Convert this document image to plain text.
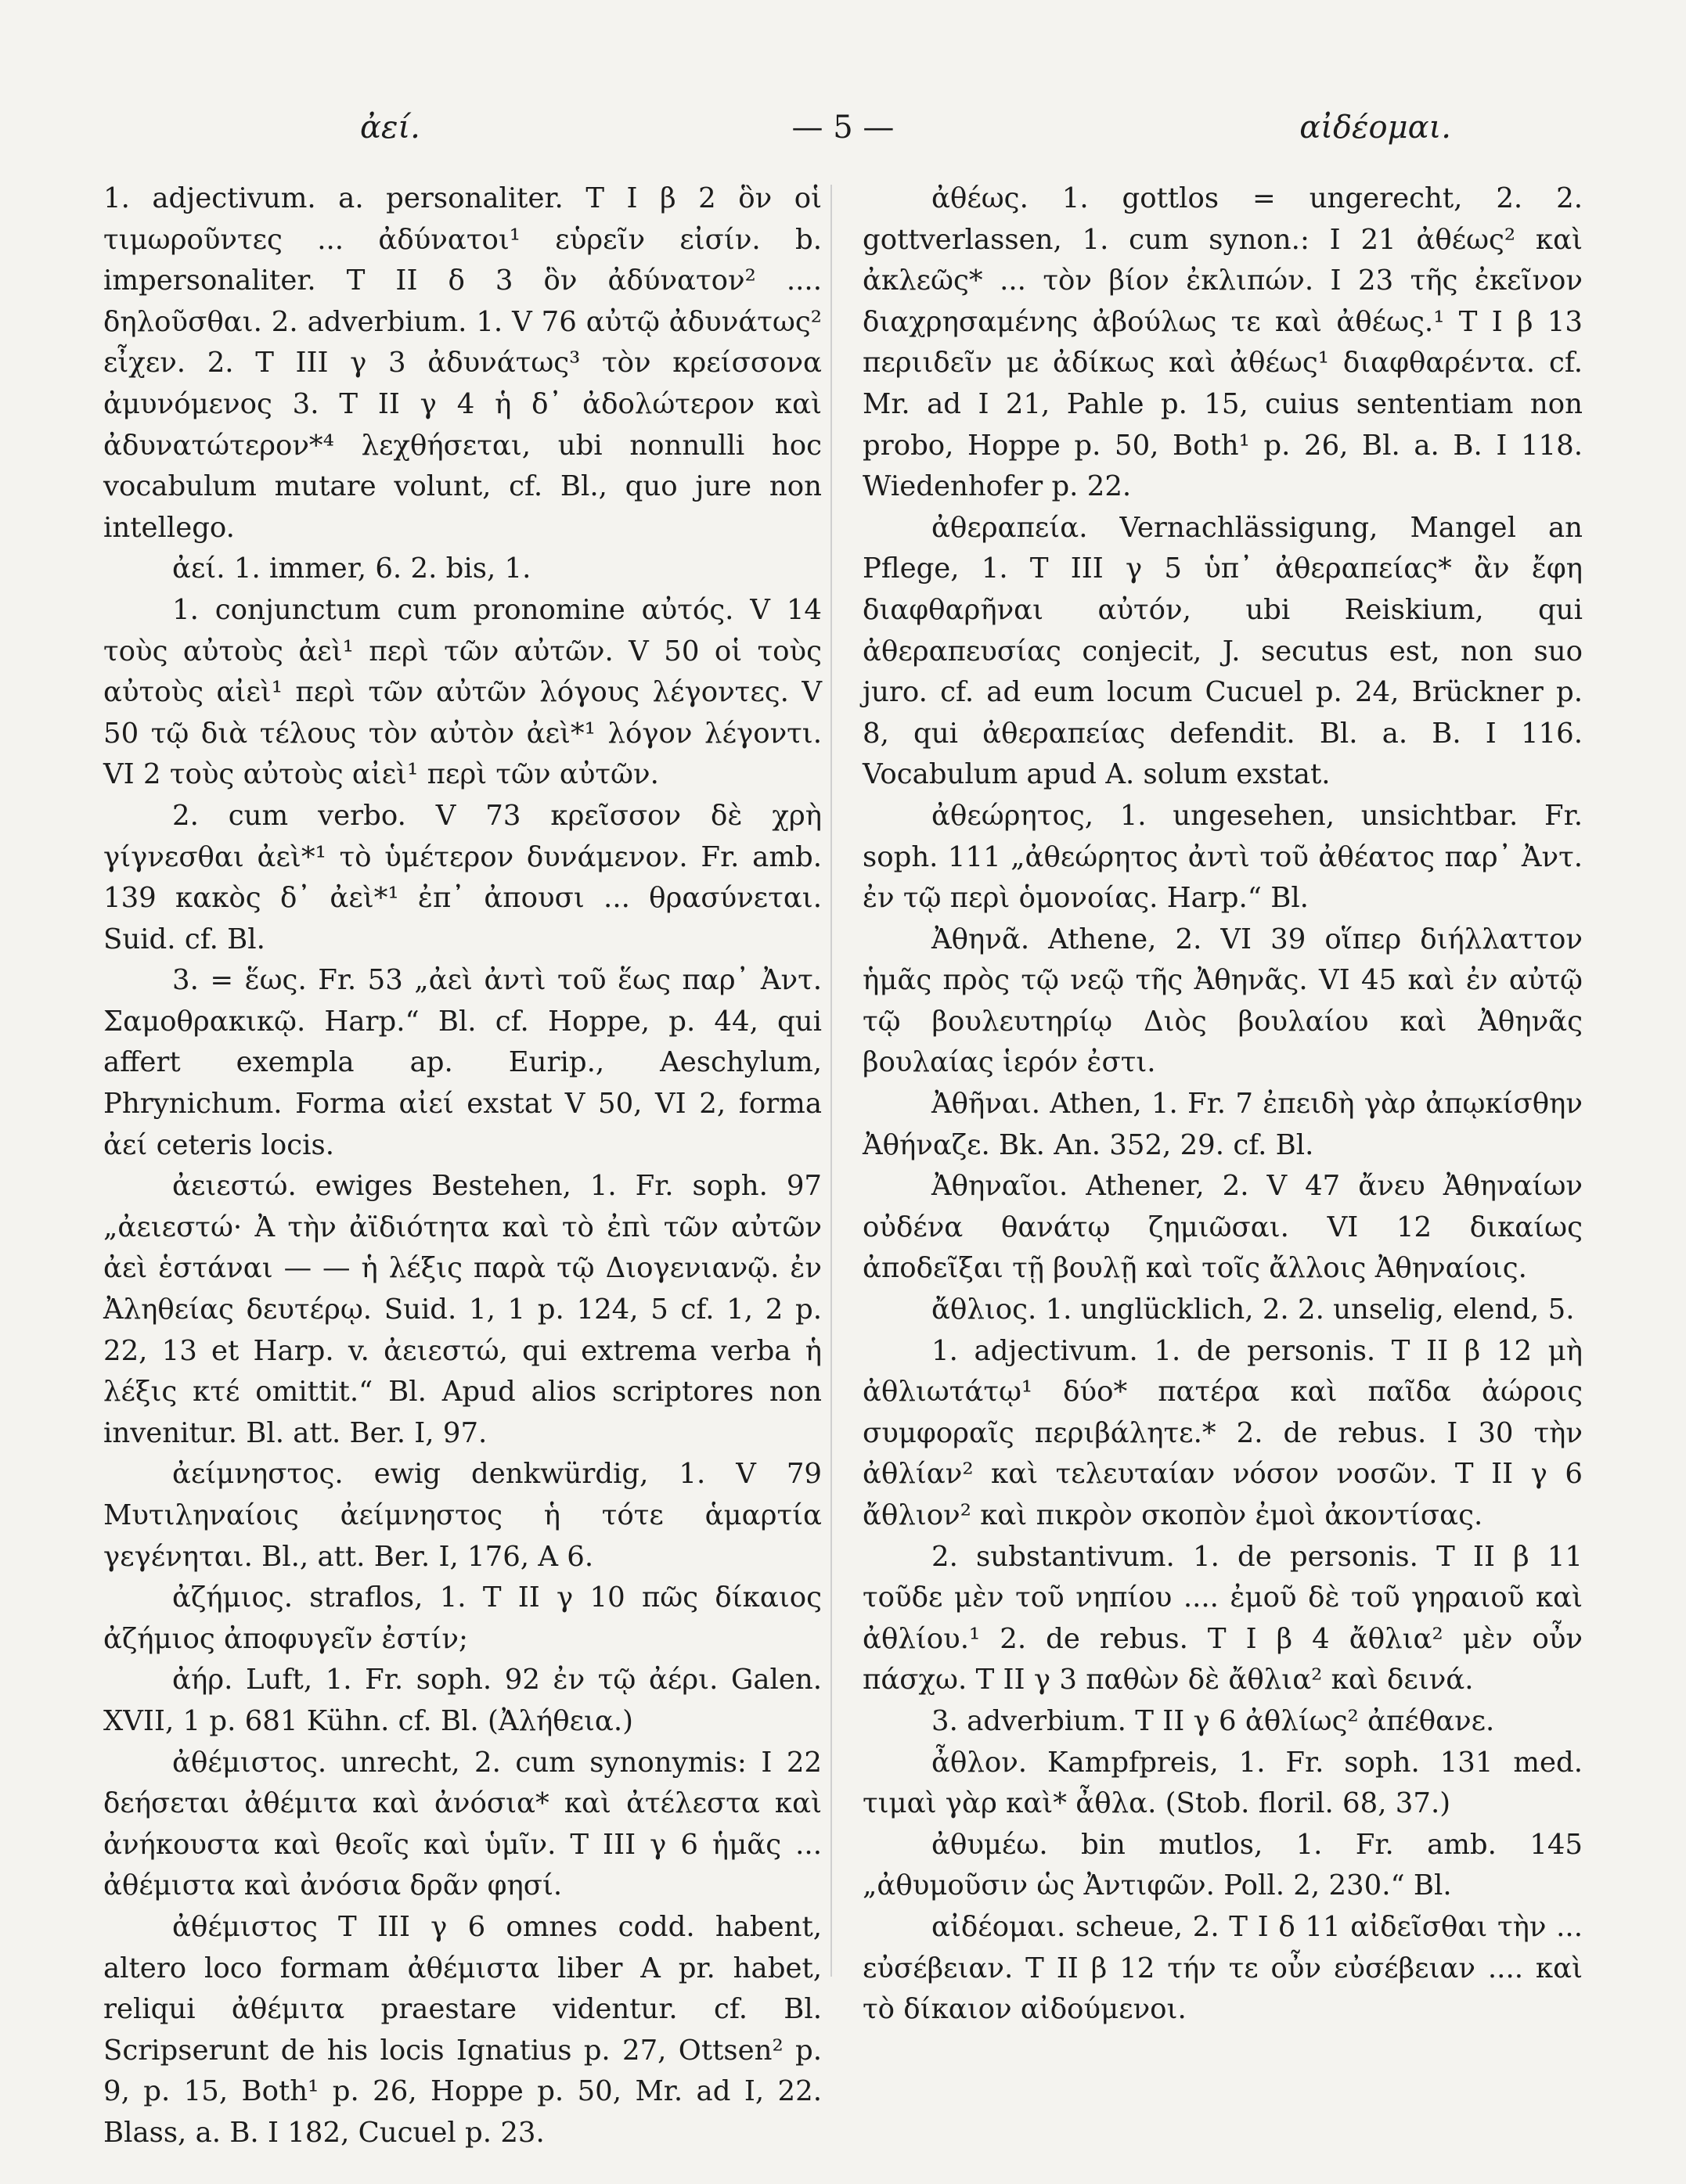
ἀεί.	— 5 —	αἰδέομαι.

1. adjectivum. a. personaliter. T I β 2 ὃν οἱ τιμωροῦντες ... ἀδύνατοι¹ εὑρεῖν εἰσίν. b. impersonaliter. T II δ 3 ὃν ἀδύνατον² .... δηλοῦσθαι. 2. adverbium. 1. V 76 αὐτῷ ἀδυνάτως² εἶχεν. 2. T III γ 3 ἀδυνάτως³ τὸν κρείσσονα ἀμυνόμενος 3. T II γ 4 ἡ δ᾽ ἀδολώτερον καὶ ἀδυνατώτερον*⁴ λεχθήσεται, ubi nonnulli hoc vocabulum mutare volunt, cf. Bl., quo jure non intellego.

ἀεί. 1. immer, 6. 2. bis, 1.

1. conjunctum cum pronomine αὐτός. V 14 τοὺς αὐτοὺς ἀεὶ¹ περὶ τῶν αὐτῶν. V 50 οἱ τοὺς αὐτοὺς αἰεὶ¹ περὶ τῶν αὐτῶν λόγους λέγοντες. V 50 τῷ διὰ τέλους τὸν αὐτὸν ἀεὶ*¹ λόγον λέγοντι. VI 2 τοὺς αὐτοὺς αἰεὶ¹ περὶ τῶν αὐτῶν.

2. cum verbo. V 73 κρεῖσσον δὲ χρὴ γίγνεσθαι ἀεὶ*¹ τὸ ὑμέτερον δυνάμενον. Fr. amb. 139 κακὸς δ᾽ ἀεὶ*¹ ἐπ᾽ ἀπουσι ... θρασύνεται. Suid. cf. Bl.

3. = ἕως. Fr. 53 „ἀεὶ ἀντὶ τοῦ ἕως παρ᾽ Ἀντ. Σαμοθρακικῷ. Harp.“ Bl. cf. Hoppe, p. 44, qui affert exempla ap. Eurip., Aeschylum, Phrynichum. Forma αἰεί exstat V 50, VI 2, forma ἀεί ceteris locis.

ἀειεστώ. ewiges Bestehen, 1. Fr. soph. 97 „ἀειεστώ· Ἀ τὴν ἀϊδιότητα καὶ τὸ ἐπὶ τῶν αὐτῶν ἀεὶ ἑστάναι — — ἡ λέξις παρὰ τῷ Διογενιανῷ. ἐν Ἀληθείας δευτέρῳ. Suid. 1, 1 p. 124, 5 cf. 1, 2 p. 22, 13 et Harp. v. ἀειεστώ, qui extrema verba ἡ λέξις κτέ omittit.“ Bl. Apud alios scriptores non invenitur. Bl. att. Ber. I, 97.

ἀείμνηστος. ewig denkwürdig, 1. V 79 Μυτιληναίοις ἀείμνηστος ἡ τότε ἁμαρτία γεγένηται. Bl., att. Ber. I, 176, A 6.

ἀζήμιος. straflos, 1. T II γ 10 πῶς δίκαιος ἀζήμιος ἀποφυγεῖν ἐστίν;

ἀήρ. Luft, 1. Fr. soph. 92 ἐν τῷ ἀέρι. Galen. XVII, 1 p. 681 Kühn. cf. Bl. (Ἀλήθεια.)

ἀθέμιστος. unrecht, 2. cum synonymis: I 22 δεήσεται ἀθέμιτα καὶ ἀνόσια* καὶ ἀτέλεστα καὶ ἀνήκουστα καὶ θεοῖς καὶ ὑμῖν. T III γ 6 ἡμᾶς ... ἀθέμιστα καὶ ἀνόσια δρᾶν φησί.

ἀθέμιστος T III γ 6 omnes codd. habent, altero loco formam ἀθέμιστα liber A pr. habet, reliqui ἀθέμιτα praestare videntur. cf. Bl. Scripserunt de his locis Ignatius p. 27, Ottsen² p. 9, p. 15, Both¹ p. 26, Hoppe p. 50, Mr. ad I, 22. Blass, a. B. I 182, Cucuel p. 23.

ἀθέως. 1. gottlos = ungerecht, 2. 2. gottverlassen, 1. cum synon.: I 21 ἀθέως² καὶ ἀκλεῶς* ... τὸν βίον ἐκλιπών. I 23 τῆς ἐκεῖνον διαχρησαμένης ἀβούλως τε καὶ ἀθέως.¹ T I β 13 περιιδεῖν με ἀδίκως καὶ ἀθέως¹ διαφθαρέντα. cf. Mr. ad I 21, Pahle p. 15, cuius sententiam non probo, Hoppe p. 50, Both¹ p. 26, Bl. a. B. I 118. Wiedenhofer p. 22.

ἀθεραπεία. Vernachlässigung, Mangel an Pflege, 1. T III γ 5 ὑπ᾽ ἀθεραπείας* ἂν ἔφη διαφθαρῆναι αὐτόν, ubi Reiskium, qui ἀθεραπευσίας conjecit, J. secutus est, non suo juro. cf. ad eum locum Cucuel p. 24, Brückner p. 8, qui ἀθεραπείας defendit. Bl. a. B. I 116. Vocabulum apud A. solum exstat.

ἀθεώρητος, 1. ungesehen, unsichtbar. Fr. soph. 111 „ἀθεώρητος ἀντὶ τοῦ ἀθέατος παρ᾽ Ἀντ. ἐν τῷ περὶ ὁμονοίας. Harp.“ Bl.

Ἀθηνᾶ. Athene, 2. VI 39 οἵπερ διήλλαττον ἡμᾶς πρὸς τῷ νεῷ τῆς Ἀθηνᾶς. VI 45 καὶ ἐν αὐτῷ τῷ βουλευτηρίῳ Διὸς βουλαίου καὶ Ἀθηνᾶς βουλαίας ἱερόν ἐστι.

Ἀθῆναι. Athen, 1. Fr. 7 ἐπειδὴ γὰρ ἀπῳκίσθην Ἀθήναζε. Bk. An. 352, 29. cf. Bl.

Ἀθηναῖοι. Athener, 2. V 47 ἄνευ Ἀθηναίων οὐδένα θανάτῳ ζημιῶσαι. VI 12 δικαίως ἀποδεῖξαι τῇ βουλῇ καὶ τοῖς ἄλλοις Ἀθηναίοις.

ἄθλιος. 1. unglücklich, 2. 2. unselig, elend, 5.

1. adjectivum. 1. de personis. T II β 12 μὴ ἀθλιωτάτῳ¹ δύο* πατέρα καὶ παῖδα ἀώροις συμφοραῖς περιβάλητε.* 2. de rebus. I 30 τὴν ἀθλίαν² καὶ τελευταίαν νόσον νοσῶν. T II γ 6 ἄθλιον² καὶ πικρὸν σκοπὸν ἐμοὶ ἀκοντίσας.

2. substantivum. 1. de personis. T II β 11 τοῦδε μὲν τοῦ νηπίου .... ἐμοῦ δὲ τοῦ γηραιοῦ καὶ ἀθλίου.¹ 2. de rebus. T I β 4 ἄθλια² μὲν οὖν πάσχω. T II γ 3 παθὼν δὲ ἄθλια² καὶ δεινά.

3. adverbium. T II γ 6 ἀθλίως² ἀπέθανε.

ἆθλον. Kampfpreis, 1. Fr. soph. 131 med. τιμαὶ γὰρ καὶ* ἆθλα. (Stob. floril. 68, 37.)

ἀθυμέω. bin mutlos, 1. Fr. amb. 145 „ἀθυμοῦσιν ὡς Ἀντιφῶν. Poll. 2, 230.“ Bl.

αἰδέομαι. scheue, 2. T I δ 11 αἰδεῖσθαι τὴν ... εὐσέβειαν. T II β 12 τήν τε οὖν εὐσέβειαν .... καὶ τὸ δίκαιον αἰδούμενοι.
